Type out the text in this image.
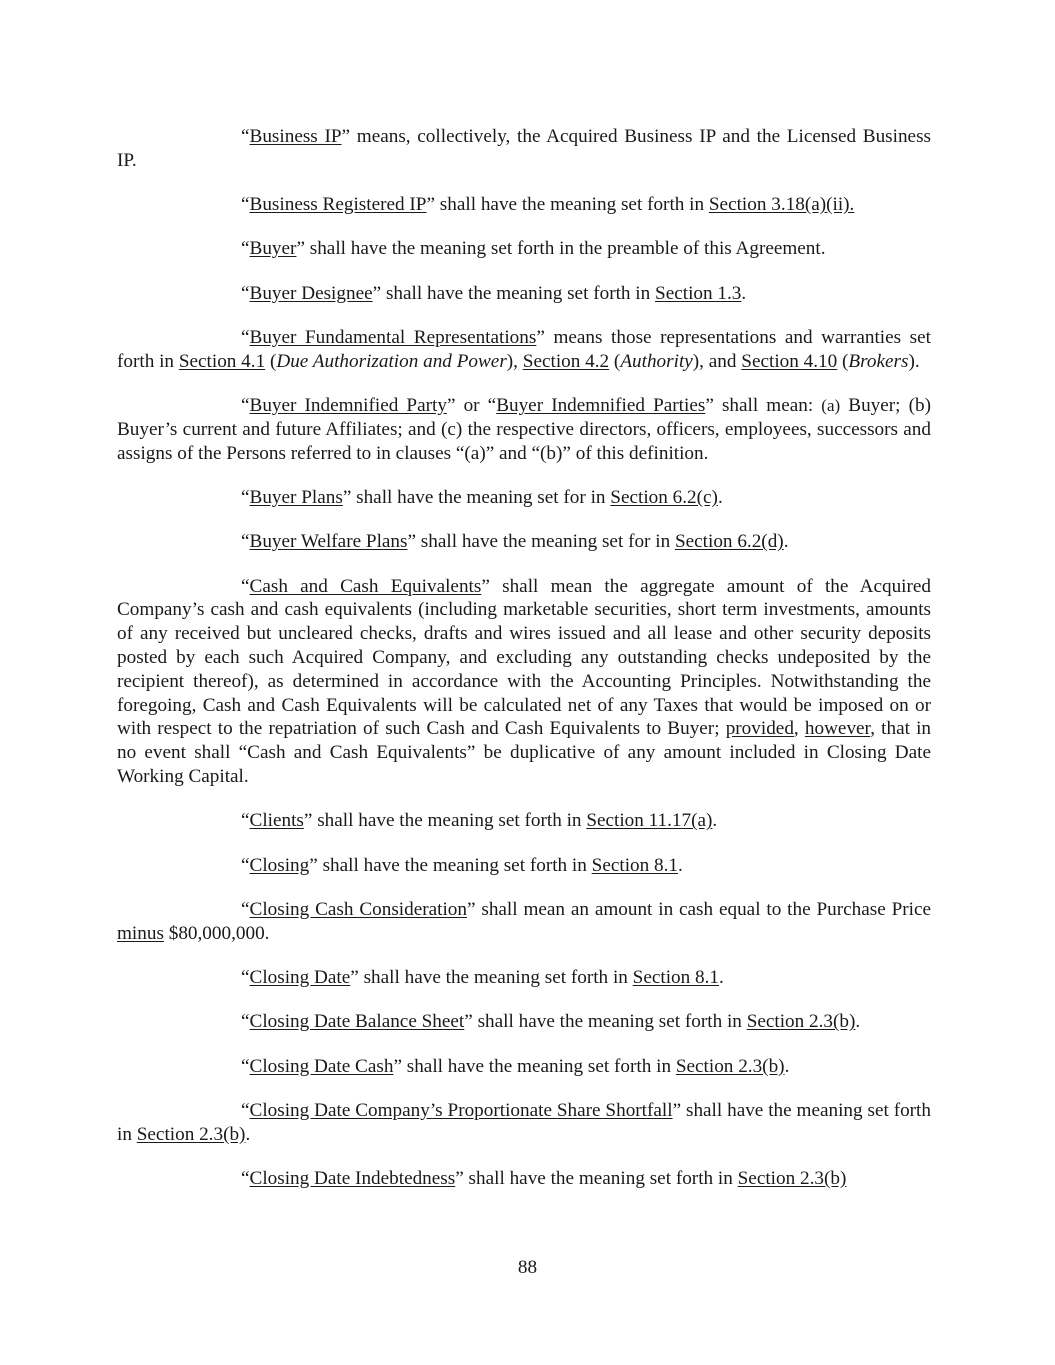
“Business IP” means, collectively, the Acquired Business IP and the Licensed Business IP.

“Business Registered IP” shall have the meaning set forth in Section 3.18(a)(ii).

“Buyer” shall have the meaning set forth in the preamble of this Agreement.

“Buyer Designee” shall have the meaning set forth in Section 1.3.

“Buyer Fundamental Representations” means those representations and warranties set forth in Section 4.1 (Due Authorization and Power), Section 4.2 (Authority), and Section 4.10 (Brokers).

“Buyer Indemnified Party” or “Buyer Indemnified Parties” shall mean: (a) Buyer; (b) Buyer’s current and future Affiliates; and (c) the respective directors, officers, employees, successors and assigns of the Persons referred to in clauses “(a)” and “(b)” of this definition.

“Buyer Plans” shall have the meaning set for in Section 6.2(c).

“Buyer Welfare Plans” shall have the meaning set for in Section 6.2(d).

“Cash and Cash Equivalents” shall mean the aggregate amount of the Acquired Company’s cash and cash equivalents (including marketable securities, short term investments, amounts of any received but uncleared checks, drafts and wires issued and all lease and other security deposits posted by each such Acquired Company, and excluding any outstanding checks undeposited by the recipient thereof), as determined in accordance with the Accounting Principles. Notwithstanding the foregoing, Cash and Cash Equivalents will be calculated net of any Taxes that would be imposed on or with respect to the repatriation of such Cash and Cash Equivalents to Buyer; provided, however, that in no event shall “Cash and Cash Equivalents” be duplicative of any amount included in Closing Date Working Capital.

“Clients” shall have the meaning set forth in Section 11.17(a).

“Closing” shall have the meaning set forth in Section 8.1.

“Closing Cash Consideration” shall mean an amount in cash equal to the Purchase Price minus $80,000,000.

“Closing Date” shall have the meaning set forth in Section 8.1.

“Closing Date Balance Sheet” shall have the meaning set forth in Section 2.3(b).

“Closing Date Cash” shall have the meaning set forth in Section 2.3(b).

“Closing Date Company’s Proportionate Share Shortfall” shall have the meaning set forth in Section 2.3(b).

“Closing Date Indebtedness” shall have the meaning set forth in Section 2.3(b)

88
